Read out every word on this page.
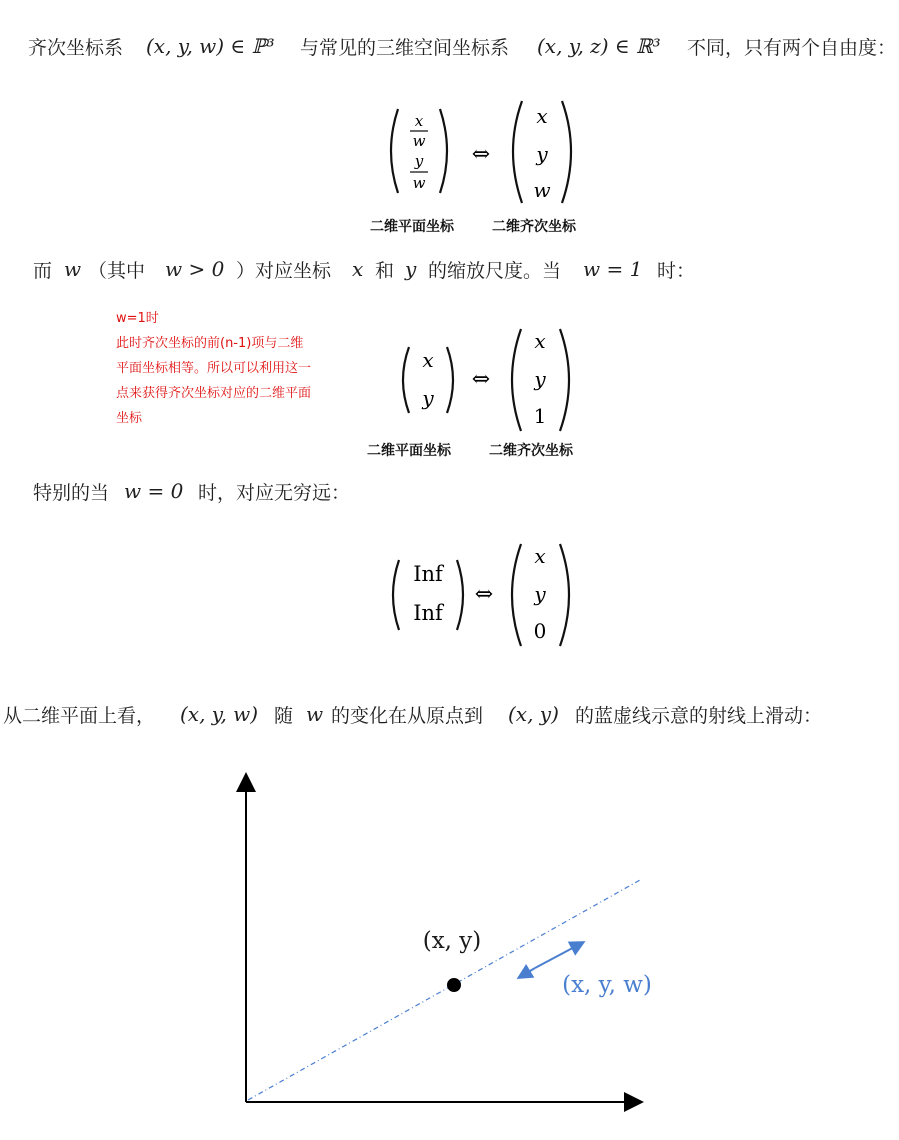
齐次坐标系 (x, y, w) ∈ ℙ³ 与常见的三维空间坐标系 (x, y, z) ∈ ℝ³ 不同，只有两个自由度：
x
w
y
w
⇔
x
y
w
二维平面坐标	二维齐次坐标
而 w （其中 w > 0 ）对应坐标 x 和 y 的缩放尺度。当 w = 1 时：
w=1时
此时齐次坐标的前(n-1)项与二维平面坐标相等。所以可以利用这一点来获得齐次坐标对应的二维平面坐标
x
y
⇔
x
y
1
二维平面坐标	二维齐次坐标
特别的当 w = 0 时，对应无穷远：
Inf
Inf
⇔
x
y
0
从二维平面上看， (x, y, w) 随 w 的变化在从原点到 (x, y) 的蓝虚线示意的射线上滑动：
(x, y)
(x, y, w)
